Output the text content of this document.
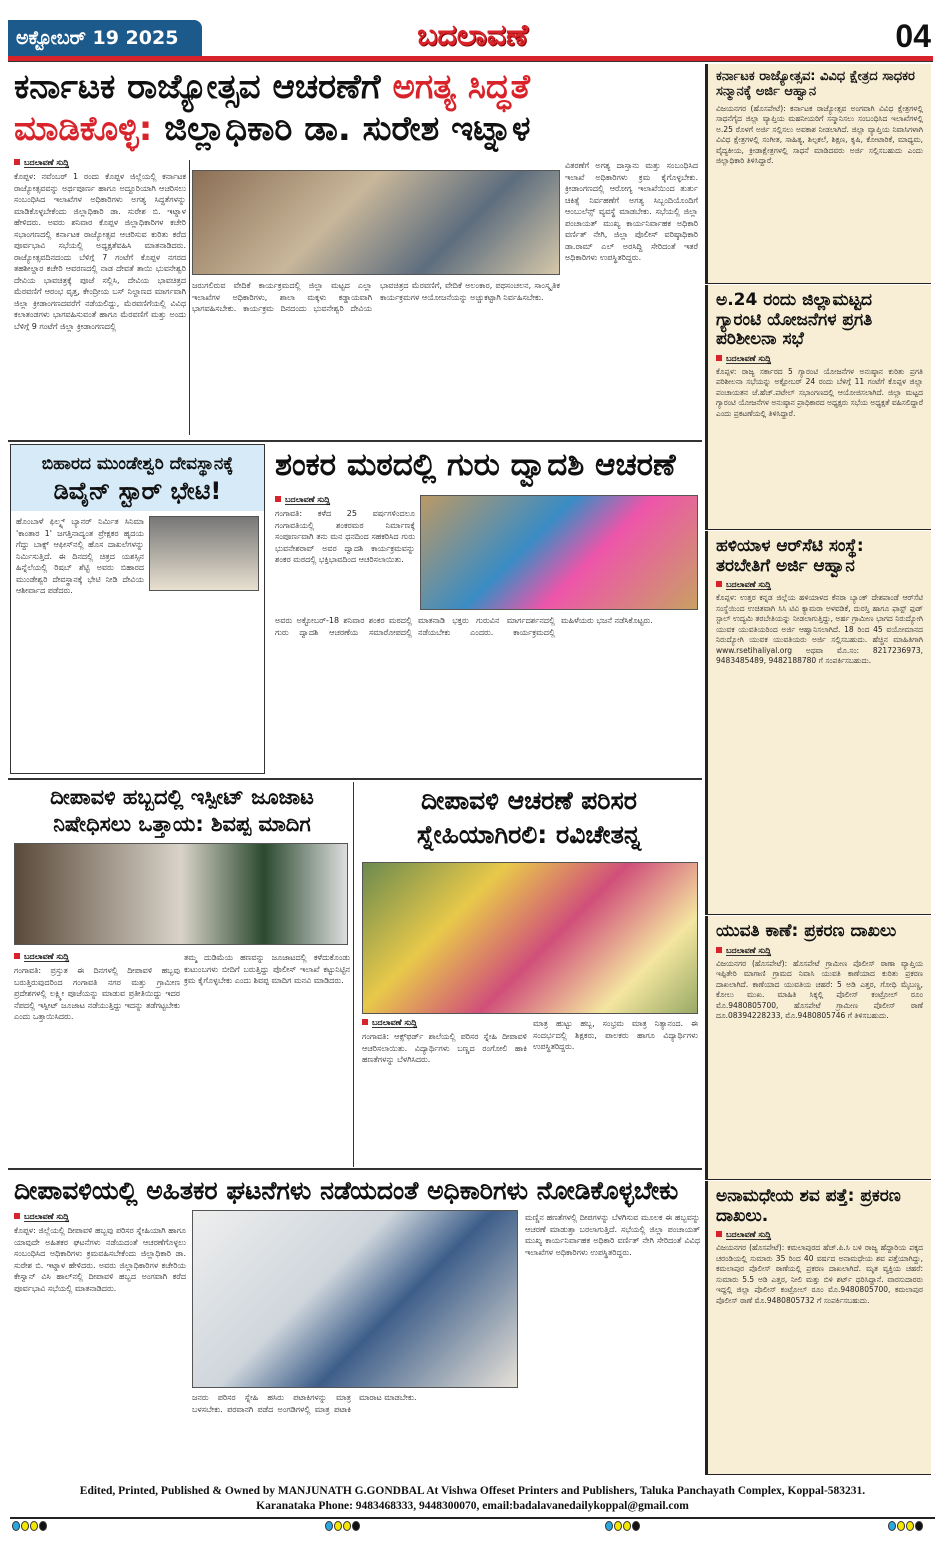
ಅಕ್ಟೋಬರ್ 19 2025	ಬದಲಾವಣೆ	04
ಕರ್ನಾಟಕ ರಾಜ್ಯೋತ್ಸವ ಆಚರಣೆಗೆ ಅಗತ್ಯ ಸಿದ್ಧತೆ
ಮಾಡಿಕೊಳ್ಳಿ: ಜಿಲ್ಲಾಧಿಕಾರಿ ಡಾ. ಸುರೇಶ ಇಟ್ನಾಳ
ಬದಲಾವಣೆ ಸುದ್ದಿ

ಕೊಪ್ಪಳ: ನವೆಂಬರ್ 1 ರಂದು ಕೊಪ್ಪಳ ಜಿಲ್ಲೆಯಲ್ಲಿ ಕರ್ನಾಟಕ ರಾಜ್ಯೋತ್ಸವವನ್ನು ಅರ್ಥಪೂರ್ಣ ಹಾಗೂ ಅದ್ದೂರಿಯಾಗಿ ಆಚರಿಸಲು ಸಂಬಂಧಿಸಿದ ಇಲಾಖೆಗಳ ಅಧಿಕಾರಿಗಳು ಅಗತ್ಯ ಸಿದ್ಧತೆಗಳನ್ನು ಮಾಡಿಕೊಳ್ಳಬೇಕೆಂದು ಜಿಲ್ಲಾಧಿಕಾರಿ ಡಾ. ಸುರೇಶ ಬಿ. ಇಟ್ನಾಳ ಹೇಳಿದರು. ಅವರು ಶನಿವಾರ ಕೊಪ್ಪಳ ಜಿಲ್ಲಾಧಿಕಾರಿಗಳ ಕಚೇರಿ ಸಭಾಂಗಣದಲ್ಲಿ ಕರ್ನಾಟಕ ರಾಜ್ಯೋತ್ಸವ ಆಚರಿಸುವ ಕುರಿತು ಕರೆದ ಪೂರ್ವಭಾವಿ ಸಭೆಯಲ್ಲಿ ಅಧ್ಯಕ್ಷತೆವಹಿಸಿ ಮಾತನಾಡಿದರು. ರಾಜ್ಯೋತ್ಸವದಿನದಂದು ಬೆಳಿಗ್ಗೆ 7 ಗಂಟೆಗೆ ಕೊಪ್ಪಳ ನಗರದ ತಹಶೀಲ್ದಾರ ಕಚೇರಿ ಆವರಣದಲ್ಲಿ ನಾಡ ದೇವತೆ ತಾಯಿ ಭುವನೇಶ್ವರಿ ದೇವಿಯ ಭಾವಚಿತ್ರಕ್ಕೆ ಪೂಜೆ ಸಲ್ಲಿಸಿ, ದೇವಿಯ ಭಾವಚಿತ್ರದ ಮೆರವಣಿಗೆ ಆರಂಭ ವೃತ್ತ, ಕೇಂದ್ರೀಯ ಬಸ್ ನಿಲ್ದಾಣದ ಮಾರ್ಗವಾಗಿ ಜಿಲ್ಲಾ ಕ್ರೀಡಾಂಗಣದವರೆಗೆ ನಡೆಯಲಿದ್ದು, ಮೆರವಣಿಗೆಯಲ್ಲಿ ವಿವಿಧ ಕಲಾತಂಡಗಳು ಭಾಗವಹಿಸುವಂತೆ ಹಾಗೂ ಮೆರವಣಿಗೆ ಮತ್ತು ಅಂದು ಬೆಳಿಗ್ಗೆ 9 ಗಂಟೆಗೆ ಜಿಲ್ಲಾ ಕ್ರೀಡಾಂಗಣದಲ್ಲಿ

ಜರುಗಲಿರುವ ವೇದಿಕೆ ಕಾರ್ಯಕ್ರಮದಲ್ಲಿ ಜಿಲ್ಲಾ ಮಟ್ಟದ ಎಲ್ಲಾ ಇಲಾಖೆಗಳ ಅಧಿಕಾರಿಗಳು, ಶಾಲಾ ಮಕ್ಕಳು ಕಡ್ಡಾಯವಾಗಿ ಭಾಗವಹಿಸಬೇಕು. ಕಾರ್ಯಕ್ರಮ ದಿನದಂದು ಭುವನೇಶ್ವರಿ ದೇವಿಯ ಭಾವಚಿತ್ರದ ಮೆರವಣಿಗೆ, ವೇದಿಕೆ ಅಲಂಕಾರ, ಪಥಸಂಚಲನ, ಸಾಂಸ್ಕೃತಿಕ ಕಾರ್ಯಕ್ರಮಗಳ ಆಯೋಜನೆಯನ್ನು ಅಚ್ಚುಕಟ್ಟಾಗಿ ನಿರ್ವಹಿಸಬೇಕು.

ವಿತರಣೆಗೆ ಅಗತ್ಯ ದಾಸ್ತಾನು ಮತ್ತು ಸಂಬಂಧಿಸಿದ ಇಲಾಖೆ ಅಧಿಕಾರಿಗಳು ಕ್ರಮ ಕೈಗೊಳ್ಳಬೇಕು. ಕ್ರೀಡಾಂಗಣದಲ್ಲಿ ಆರೋಗ್ಯ ಇಲಾಖೆಯಿಂದ ತುರ್ತು ಚಿಕಿತ್ಸೆ ನಿರ್ವಹಣೆಗೆ ಅಗತ್ಯ ಸಿಬ್ಬಂದಿಯೊಂದಿಗೆ ಆಂಬುಲೆನ್ಸ್ ವ್ಯವಸ್ಥೆ ಮಾಡಬೇಕು. ಸಭೆಯಲ್ಲಿ ಜಿಲ್ಲಾ ಪಂಚಾಯತ್ ಮುಖ್ಯ ಕಾರ್ಯನಿರ್ವಾಹಕ ಅಧಿಕಾರಿ ವರ್ಣಿತ್ ನೇಗಿ, ಜಿಲ್ಲಾ ಪೊಲೀಸ್ ವರಿಷ್ಠಾಧಿಕಾರಿ ಡಾ.ರಾಮ್ ಎಲ್ ಅರಸಿದ್ದಿ ಸೇರಿದಂತೆ ಇತರೆ ಅಧಿಕಾರಿಗಳು ಉಪಸ್ಥಿತರಿದ್ದರು.

ಬಿಹಾರದ ಮುಂಡೇಶ್ವರಿ ದೇವಸ್ಥಾನಕ್ಕೆ
ಡಿವೈನ್ ಸ್ಟಾರ್ ಭೇಟಿ!

ಹೊಂಬಾಳೆ ಫಿಲ್ಮ್ಸ್ ಬ್ಯಾನರ್ ನಿರ್ಮಿತ ಸಿನಿಮಾ 'ಕಾಂತಾರ 1' ಜಗತ್ತಿನಾದ್ಯಂತ ಪ್ರೇಕ್ಷಕರ ಹೃದಯ ಗೆದ್ದು ಬಾಕ್ಸ್ ಆಫೀಸ್‌ನಲ್ಲಿ ಹೊಸ ದಾಖಲೆಗಳನ್ನು ನಿರ್ಮಿಸುತ್ತಿದೆ. ಈ ದಿನದಲ್ಲಿ ಚಿತ್ರದ ಯಶಸ್ಸಿನ ಹಿನ್ನೆಲೆಯಲ್ಲಿ ರಿಷಬ್ ಶೆಟ್ಟಿ ಅವರು ಬಿಹಾರದ ಮುಂಡೇಶ್ವರಿ ದೇವಸ್ಥಾನಕ್ಕೆ ಭೇಟಿ ನೀಡಿ ದೇವಿಯ ಆಶೀರ್ವಾದ ಪಡೆದರು.

ಶಂಕರ ಮಠದಲ್ಲಿ ಗುರು ದ್ವಾದಶಿ ಆಚರಣೆ
ಬದಲಾವಣೆ ಸುದ್ದಿ

ಗಂಗಾವತಿ: ಕಳೆದ 25 ವರ್ಷಗಳಿಂದಲೂ ಗಂಗಾವತಿಯಲ್ಲಿ ಶಂಕರಮಠ ನಿರ್ಮಾಣಕ್ಕೆ ಸಂಪೂರ್ಣವಾಗಿ ತನು ಮನ ಧನದಿಂದ ಸಹಕರಿಸಿದ ಗುರು ಭುವನೇಶರಾವ್ ಅವರ ದ್ವಾದಶಿ ಕಾರ್ಯಕ್ರಮವನ್ನು ಶಂಕರ ಮಠದಲ್ಲಿ ಭಕ್ತಿಭಾವದಿಂದ ಆಚರಿಸಲಾಯಿತು.

ಅವರು ಅಕ್ಟೋಬರ್-18 ಶನಿವಾರ ಶಂಕರ ಮಠದಲ್ಲಿ ಗುರು ದ್ವಾದಶಿ ಆಚರಣೆಯ ಸಮಾರೋಪದಲ್ಲಿ ಮಾತನಾಡಿ ಭಕ್ತರು ಗುರುವಿನ ಮಾರ್ಗದರ್ಶನದಲ್ಲಿ ನಡೆಯಬೇಕು ಎಂದರು. ಕಾರ್ಯಕ್ರಮದಲ್ಲಿ ಮಹಿಳೆಯರು ಭಜನೆ ನಡೆಸಿಕೊಟ್ಟರು.

ದೀಪಾವಳಿ ಹಬ್ಬದಲ್ಲಿ ಇಸ್ಪೀಟ್ ಜೂಜಾಟ
ನಿಷೇಧಿಸಲು ಒತ್ತಾಯ: ಶಿವಪ್ಪ ಮಾದಿಗ
ಬದಲಾವಣೆ ಸುದ್ದಿ

ಗಂಗಾವತಿ: ಪ್ರಸ್ತುತ ಈ ದಿನಗಳಲ್ಲಿ ದೀಪಾವಳಿ ಹಬ್ಬವು ಬರುತ್ತಿರುವುದರಿಂದ ಗಂಗಾವತಿ ನಗರ ಮತ್ತು ಗ್ರಾಮೀಣ ಪ್ರದೇಶಗಳಲ್ಲಿ ಲಕ್ಷ್ಮೀ ಪೂಜೆಯನ್ನು ಮಾಡುವ ಪ್ರತೀತಿಯಿದ್ದು ಇದರ ನೆಪದಲ್ಲಿ ಇಸ್ಪೀಟ್ ಜೂಜಾಟ ನಡೆಯುತ್ತಿದ್ದು ಇದನ್ನು ತಡೆಗಟ್ಟಬೇಕು ಎಂದು ಒತ್ತಾಯಿಸಿದರು.

ತಮ್ಮ ದುಡಿಮೆಯ ಹಣವನ್ನು ಜೂಜಾಟದಲ್ಲಿ ಕಳೆದುಕೊಂಡು ಕುಟುಂಬಗಳು ಬೀದಿಗೆ ಬರುತ್ತಿದ್ದು ಪೊಲೀಸ್ ಇಲಾಖೆ ಕಟ್ಟುನಿಟ್ಟಿನ ಕ್ರಮ ಕೈಗೊಳ್ಳಬೇಕು ಎಂದು ಶಿವಪ್ಪ ಮಾದಿಗ ಮನವಿ ಮಾಡಿದರು.

ದೀಪಾವಳಿ ಆಚರಣೆ ಪರಿಸರ
ಸ್ನೇಹಿಯಾಗಿರಲಿ: ರವಿಚೇತನ್ನ
ಬದಲಾವಣೆ ಸುದ್ದಿ

ಗಂಗಾವತಿ: ಆಕ್ಸ್‌ಫರ್ಡ್ ಶಾಲೆಯಲ್ಲಿ ಪರಿಸರ ಸ್ನೇಹಿ ದೀಪಾವಳಿ ಆಚರಿಸಲಾಯಿತು. ವಿದ್ಯಾರ್ಥಿಗಳು ಬಣ್ಣದ ರಂಗೋಲಿ ಹಾಕಿ ಹಣತೆಗಳನ್ನು ಬೆಳಗಿಸಿದರು.

ಮಾತ್ರ ಹುಟ್ಟು ಹಬ್ಬ, ಸಂಭ್ರಮ ಮಾತ್ರ ನಿತ್ಯಾನಂದ. ಈ ಸಂದರ್ಭದಲ್ಲಿ ಶಿಕ್ಷಕರು, ಪಾಲಕರು ಹಾಗೂ ವಿದ್ಯಾರ್ಥಿಗಳು ಉಪಸ್ಥಿತರಿದ್ದರು.

ದೀಪಾವಳಿಯಲ್ಲಿ ಅಹಿತಕರ ಘಟನೆಗಳು ನಡೆಯದಂತೆ ಅಧಿಕಾರಿಗಳು ನೋಡಿಕೊಳ್ಳಬೇಕು
ಬದಲಾವಣೆ ಸುದ್ದಿ

ಕೊಪ್ಪಳ: ಜಿಲ್ಲೆಯಲ್ಲಿ ದೀಪಾವಳಿ ಹಬ್ಬವು ಪರಿಸರ ಸ್ನೇಹಿಯಾಗಿ ಹಾಗೂ ಯಾವುದೇ ಅಹಿತಕರ ಘಟನೆಗಳು ನಡೆಯದಂತೆ ಆಚರಣೆಗೊಳ್ಳಲು ಸಂಬಂಧಿಸಿದ ಅಧಿಕಾರಿಗಳು ಕ್ರಮವಹಿಸಬೇಕೆಂದು ಜಿಲ್ಲಾಧಿಕಾರಿ ಡಾ. ಸುರೇಶ ಬಿ. ಇಟ್ನಾಳ ಹೇಳಿದರು. ಅವರು ಜಿಲ್ಲಾಧಿಕಾರಿಗಳ ಕಚೇರಿಯ ಕೇಸ್ವಾನ್ ವಿಸಿ ಹಾಲ್‌ನಲ್ಲಿ ದೀಪಾವಳಿ ಹಬ್ಬದ ಅಂಗವಾಗಿ ಕರೆದ ಪೂರ್ವಭಾವಿ ಸಭೆಯಲ್ಲಿ ಮಾತನಾಡಿದರು.

ಜನರು ಪರಿಸರ ಸ್ನೇಹಿ ಹಸಿರು ಪಟಾಕಿಗಳನ್ನು ಮಾತ್ರ ಬಳಸಬೇಕು. ಪರವಾನಗಿ ಪಡೆದ ಅಂಗಡಿಗಳಲ್ಲಿ ಮಾತ್ರ ಪಟಾಕಿ ಮಾರಾಟ ಮಾಡಬೇಕು.

ಮಣ್ಣಿನ ಹಣತೆಗಳಲ್ಲಿ ದೀಪಗಳನ್ನು ಬೆಳಗಿಸುವ ಮೂಲಕ ಈ ಹಬ್ಬವನ್ನು ಆಚರಣೆ ಮಾಡುತ್ತಾ ಬರಲಾಗುತ್ತಿದೆ. ಸಭೆಯಲ್ಲಿ ಜಿಲ್ಲಾ ಪಂಚಾಯತ್ ಮುಖ್ಯ ಕಾರ್ಯನಿರ್ವಾಹಕ ಅಧಿಕಾರಿ ವರ್ಣಿತ್ ನೇಗಿ ಸೇರಿದಂತೆ ವಿವಿಧ ಇಲಾಖೆಗಳ ಅಧಿಕಾರಿಗಳು ಉಪಸ್ಥಿತರಿದ್ದರು.

ಕರ್ನಾಟಕ ರಾಜ್ಯೋತ್ಸವ: ವಿವಿಧ ಕ್ಷೇತ್ರದ ಸಾಧಕರ ಸನ್ಮಾನಕ್ಕೆ ಅರ್ಜಿ ಆಹ್ವಾನ

ವಿಜಯನಗರ (ಹೊಸಪೇಟೆ): ಕರ್ನಾಟಕ ರಾಜ್ಯೋತ್ಸವ ಅಂಗವಾಗಿ ವಿವಿಧ ಕ್ಷೇತ್ರಗಳಲ್ಲಿ ಸಾಧನೆಗೈದ ಜಿಲ್ಲಾ ವ್ಯಾಪ್ತಿಯ ಮಹನೀಯರಿಗೆ ಸನ್ಮಾನಿಸಲು ಸಂಬಂಧಿಸಿದ ಇಲಾಖೆಗಳಲ್ಲಿ ಅ.25 ರೊಳಗೆ ಅರ್ಜಿ ಸಲ್ಲಿಸಲು ಅವಕಾಶ ನೀಡಲಾಗಿದೆ. ಜಿಲ್ಲಾ ವ್ಯಾಪ್ತಿಯ ನಿವಾಸಿಗಳಾಗಿ ವಿವಿಧ ಕ್ಷೇತ್ರಗಳಲ್ಲಿ ಸಂಗೀತ, ಸಾಹಿತ್ಯ, ಶಿಲ್ಪಕಲೆ, ಶಿಕ್ಷಣ, ಕೃಷಿ, ಕೋಟಾರಿಕೆ, ಮಾಧ್ಯಮ, ವೈದ್ಯಕೀಯ, ಕ್ರೀಡಾಕ್ಷೇತ್ರಗಳಲ್ಲಿ ಸಾಧನೆ ಮಾಡಿದವರು ಅರ್ಜಿ ಸಲ್ಲಿಸಬಹುದು ಎಂದು ಜಿಲ್ಲಾಧಿಕಾರಿ ತಿಳಿಸಿದ್ದಾರೆ.

ಅ.24 ರಂದು ಜಿಲ್ಲಾಮಟ್ಟದ ಗ್ಯಾರಂಟಿ ಯೋಜನೆಗಳ ಪ್ರಗತಿ ಪರಿಶೀಲನಾ ಸಭೆ
ಬದಲಾವಣೆ ಸುದ್ದಿ

ಕೊಪ್ಪಳ: ರಾಜ್ಯ ಸರ್ಕಾರದ 5 ಗ್ಯಾರಂಟಿ ಯೋಜನೆಗಳ ಅನುಷ್ಠಾನ ಕುರಿತು ಪ್ರಗತಿ ಪರಿಶೀಲನಾ ಸಭೆಯನ್ನು ಅಕ್ಟೋಬರ್ 24 ರಂದು ಬೆಳಿಗ್ಗೆ 11 ಗಂಟೆಗೆ ಕೊಪ್ಪಳ ಜಿಲ್ಲಾ ಪಂಚಾಯತನ ಜೆ.ಹೆಚ್.ಪಟೇಲ್ ಸಭಾಂಗಣದಲ್ಲಿ ಆಯೋಜಿಸಲಾಗಿದೆ. ಜಿಲ್ಲಾ ಮಟ್ಟದ ಗ್ಯಾರಂಟಿ ಯೋಜನೆಗಳ ಅನುಷ್ಠಾನ ಪ್ರಾಧಿಕಾರದ ಅಧ್ಯಕ್ಷರು ಸಭೆಯ ಅಧ್ಯಕ್ಷತೆ ವಹಿಸಲಿದ್ದಾರೆ ಎಂದು ಪ್ರಕಟಣೆಯಲ್ಲಿ ತಿಳಿಸಿದ್ದಾರೆ.

ಹಳಿಯಾಳ ಆರ್‌ಸೆಟಿ ಸಂಸ್ಥೆ: ತರಬೇತಿಗೆ ಅರ್ಜಿ ಆಹ್ವಾನ
ಬದಲಾವಣೆ ಸುದ್ದಿ

ಕೊಪ್ಪಳ: ಉತ್ತರ ಕನ್ನಡ ಜಿಲ್ಲೆಯ ಹಳಿಯಾಳದ ಕೆನರಾ ಬ್ಯಾಂಕ್ ದೇಶಪಾಂಡೆ ಆರ್‌ಸೆಟಿ ಸಂಸ್ಥೆಯಿಂದ ಉಚಿತವಾಗಿ ಸಿಸಿ ಟಿವಿ ಕ್ಯಾಮರಾ ಅಳವಡಿಕೆ, ದುರಸ್ತಿ ಹಾಗೂ ಫಾಸ್ಟ್ ಫುಡ್ ಸ್ಟಾಲ್ ಉದ್ಯಮಿ ತರಬೇತಿಯನ್ನು ನೀಡಲಾಗುತ್ತಿದ್ದು, ಅರ್ಹ ಗ್ರಾಮೀಣ ಭಾಗದ ನಿರುದ್ಯೋಗಿ ಯುವಕ ಯುವತಿಯರಿಂದ ಅರ್ಜಿ ಆಹ್ವಾನಿಸಲಾಗಿದೆ. 18 ರಿಂದ 45 ವಯೋಮಾನದ ನಿರುದ್ಯೋಗಿ ಯುವಕ ಯುವತಿಯರು ಅರ್ಜಿ ಸಲ್ಲಿಸಬಹುದು. ಹೆಚ್ಚಿನ ಮಾಹಿತಿಗಾಗಿ www.rsetihaliyal.org ಅಥವಾ ಮೊ.ಸಂ: 8217236973, 9483485489, 9482188780 ಗೆ ಸಂಪರ್ಕಿಸಬಹುದು.

ಯುವತಿ ಕಾಣೆ: ಪ್ರಕರಣ ದಾಖಲು
ಬದಲಾವಣೆ ಸುದ್ದಿ

ವಿಜಯನಗರ (ಹೊಸಪೇಟೆ): ಹೊಸಪೇಟೆ ಗ್ರಾಮೀಣ ಪೊಲೀಸ್ ಠಾಣಾ ವ್ಯಾಪ್ತಿಯ ಇಪ್ಪಿತೇರಿ ಮಾಗಾಣಿ ಗ್ರಾಮದ ನಿವಾಸಿ ಯುವತಿ ಕಾಣೆಯಾದ ಕುರಿತು ಪ್ರಕರಣ ದಾಖಲಾಗಿದೆ. ಕಾಣೆಯಾದ ಯುವತಿಯ ಚಹರೆ: 5 ಅಡಿ ಎತ್ತರ, ಗೋಧಿ ಮೈಬಣ್ಣ, ಕೋಲು ಮುಖ. ಮಾಹಿತಿ ಸಿಕ್ಕಲ್ಲಿ ಪೊಲೀಸ್ ಕಂಟ್ರೋಲ್ ರೂಂ ಮೊ.9480805700, ಹೊಸಪೇಟೆ ಗ್ರಾಮೀಣ ಪೊಲೀಸ್ ಠಾಣೆ ದೂ.08394228233, ಮೊ.9480805746 ಗೆ ತಿಳಿಸಬಹುದು.

ಅನಾಮಧೇಯ ಶವ ಪತ್ತೆ: ಪ್ರಕರಣ ದಾಖಲು.
ಬದಲಾವಣೆ ಸುದ್ದಿ

ವಿಜಯನಗರ (ಹೊಸಪೇಟೆ): ಕಮಲಾಪುರದ ಹೆಚ್.ಪಿ.ಸಿ ಬಳಿ ರಾಜ್ಯ ಹೆದ್ದಾರಿಯ ಪಕ್ಕದ ಚರಂಡಿಯಲ್ಲಿ ಸುಮಾರು 35 ರಿಂದ 40 ವರ್ಷದ ಅನಾಮಧೇಯ ಶವ ಪತ್ತೆಯಾಗಿದ್ದು, ಕಮಲಾಪುರ ಪೊಲೀಸ್ ಠಾಣೆಯಲ್ಲಿ ಪ್ರಕರಣ ದಾಖಲಾಗಿದೆ. ಮೃತ ವ್ಯಕ್ತಿಯ ಚಹರೆ: ಸುಮಾರು 5.5 ಅಡಿ ಎತ್ತರ, ನೀಲಿ ಮತ್ತು ಬಿಳಿ ಶರ್ಟ್ ಧರಿಸಿದ್ದಾನೆ. ವಾರಸುದಾರರು ಇದ್ದಲ್ಲಿ ಜಿಲ್ಲಾ ಪೊಲೀಸ್ ಕಂಟ್ರೋಲ್ ರೂಂ ಮೊ.9480805700, ಕಮಲಾಪುರ ಪೊಲೀಸ್ ಠಾಣೆ ಮೊ.9480805732 ಗೆ ಸಂಪರ್ಕಿಸಬಹುದು.

Edited, Printed, Published & Owned by MANJUNATH G.GONDBAL At Vishwa Offeset Printers and Publishers, Taluka Panchayath Complex, Koppal-583231.
Karanataka Phone: 9483468333, 9448300070, email:badalavanedailykoppal@gmail.com
